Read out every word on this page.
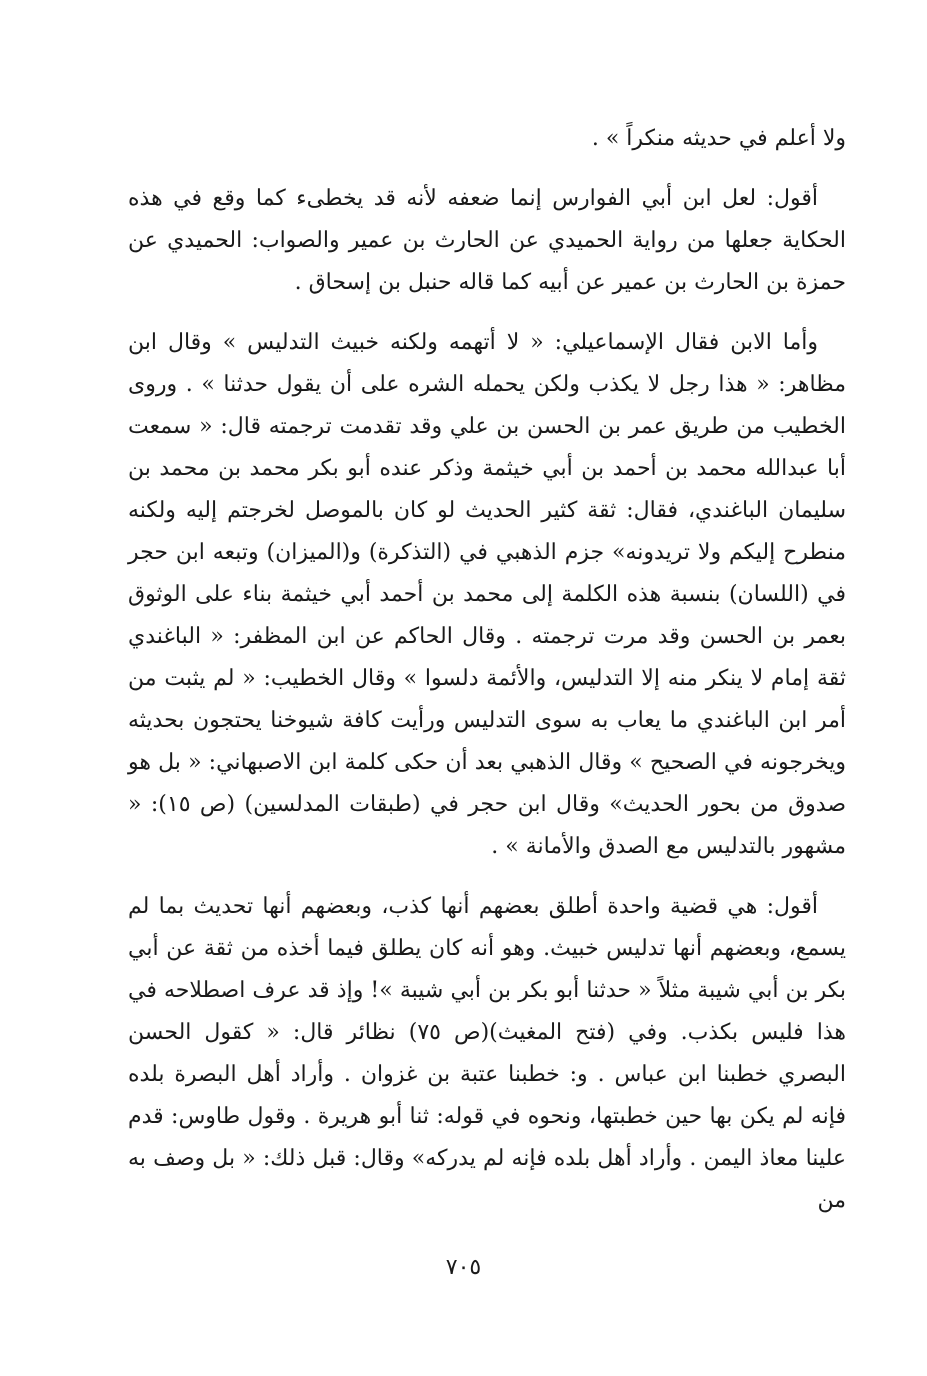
ولا أعلم في حديثه منكراً » .

أقول: لعل ابن أبي الفوارس إنما ضعفه لأنه قد يخطىء كما وقع في هذه الحكاية جعلها من رواية الحميدي عن الحارث بن عمير والصواب: الحميدي عن حمزة بن الحارث بن عمير عن أبيه كما قاله حنبل بن إسحاق .

وأما الابن فقال الإسماعيلي: « لا أتهمه ولكنه خبيث التدليس » وقال ابن مظاهر: « هذا رجل لا يكذب ولكن يحمله الشره على أن يقول حدثنا » . وروى الخطيب من طريق عمر بن الحسن بن علي وقد تقدمت ترجمته قال: « سمعت أبا عبدالله محمد بن أحمد بن أبي خيثمة وذكر عنده أبو بكر محمد بن محمد بن سليمان الباغندي، فقال: ثقة كثير الحديث لو كان بالموصل لخرجتم إليه ولكنه منطرح إليكم ولا تريدونه» جزم الذهبي في (التذكرة) و(الميزان) وتبعه ابن حجر في (اللسان) بنسبة هذه الكلمة إلى محمد بن أحمد أبي خيثمة بناء على الوثوق بعمر بن الحسن وقد مرت ترجمته . وقال الحاكم عن ابن المظفر: « الباغندي ثقة إمام لا ينكر منه إلا التدليس، والأئمة دلسوا » وقال الخطيب: « لم يثبت من أمر ابن الباغندي ما يعاب به سوى التدليس ورأيت كافة شيوخنا يحتجون بحديثه ويخرجونه في الصحيح » وقال الذهبي بعد أن حكى كلمة ابن الاصبهاني: « بل هو صدوق من بحور الحديث» وقال ابن حجر في (طبقات المدلسين) (ص ١٥): « مشهور بالتدليس مع الصدق والأمانة » .

أقول: هي قضية واحدة أطلق بعضهم أنها كذب، وبعضهم أنها تحديث بما لم يسمع، وبعضهم أنها تدليس خبيث. وهو أنه كان يطلق فيما أخذه من ثقة عن أبي بكر بن أبي شيبة مثلاً « حدثنا أبو بكر بن أبي شيبة »! وإذ قد عرف اصطلاحه في هذا فليس بكذب. وفي (فتح المغيث)(ص ٧٥) نظائر قال: « كقول الحسن البصري خطبنا ابن عباس . و: خطبنا عتبة بن غزوان . وأراد أهل البصرة بلده فإنه لم يكن بها حين خطبتها، ونحوه في قوله: ثنا أبو هريرة . وقول طاوس: قدم علينا معاذ اليمن . وأراد أهل بلده فإنه لم يدركه» وقال: قبل ذلك: « بل وصف به من

٧٠٥
